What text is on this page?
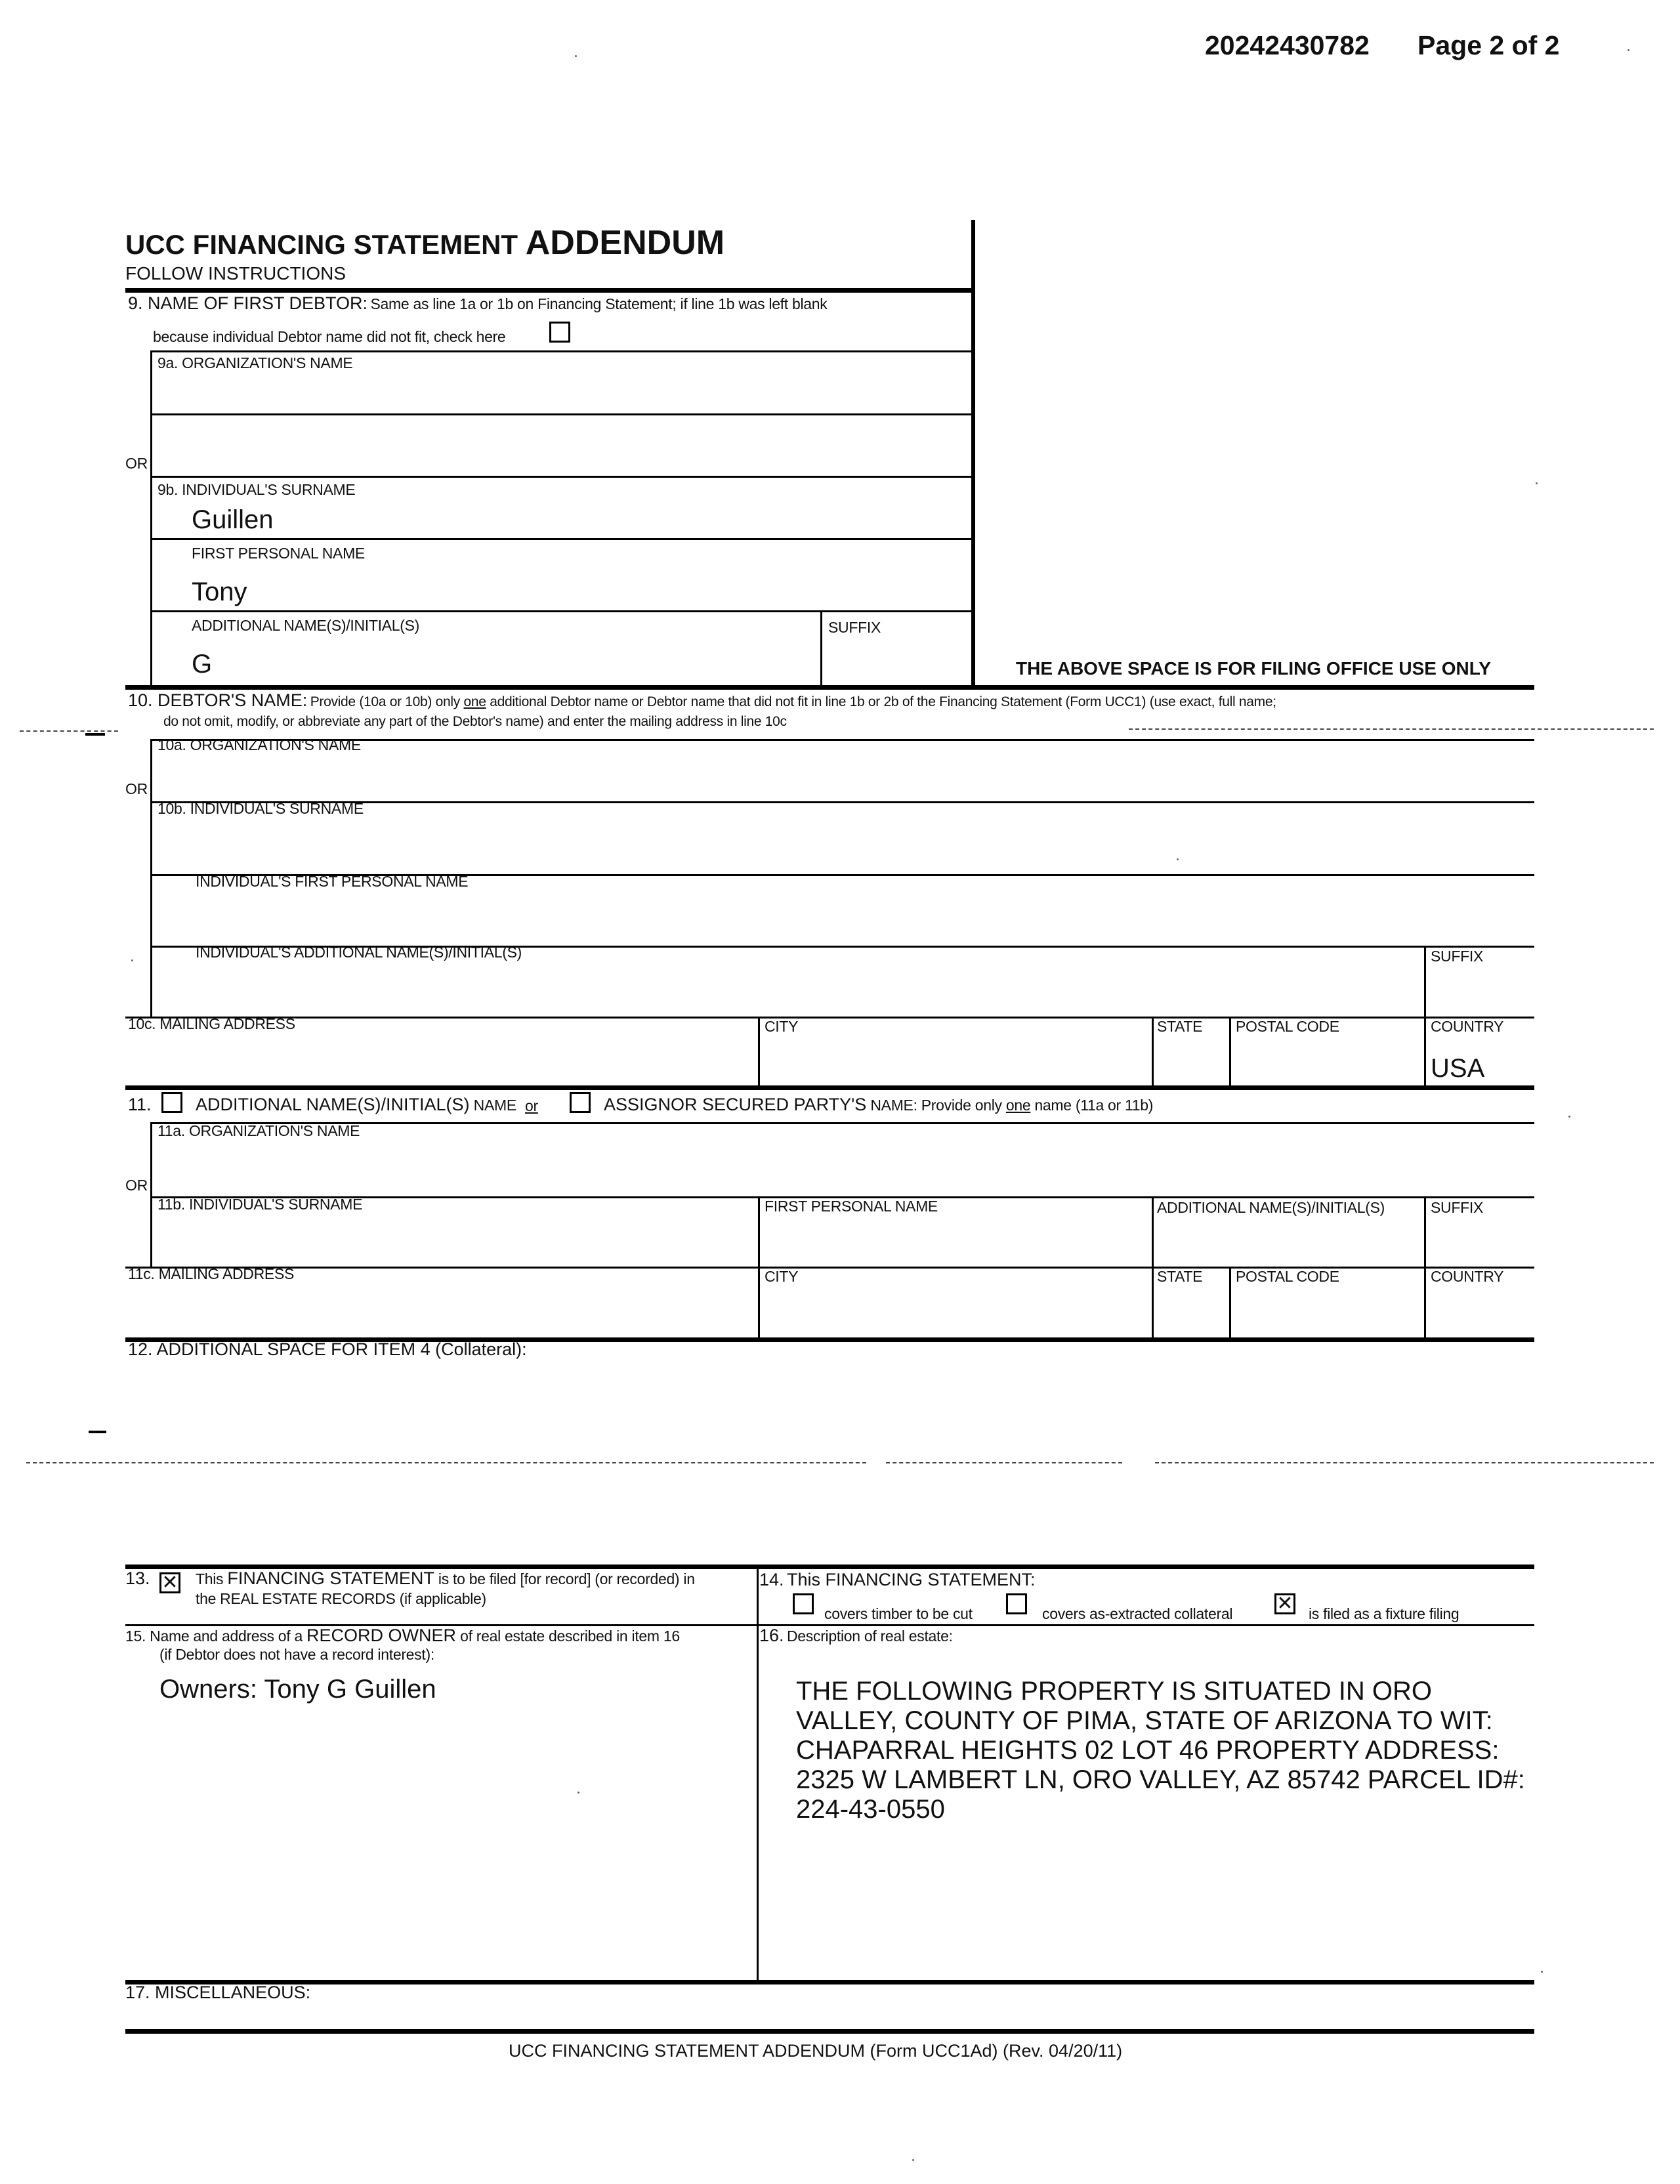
20242430782 Page 2 of 2
UCC FINANCING STATEMENT ADDENDUM
FOLLOW INSTRUCTIONS
9. NAME OF FIRST DEBTOR: Same as line 1a or 1b on Financing Statement; if line 1b was left blank
because individual Debtor name did not fit, check here
9a. ORGANIZATION'S NAME
OR
9b. INDIVIDUAL'S SURNAME
Guillen
FIRST PERSONAL NAME
Tony
ADDITIONAL NAME(S)/INITIAL(S)
G
SUFFIX
THE ABOVE SPACE IS FOR FILING OFFICE USE ONLY
10. DEBTOR'S NAME: Provide (10a or 10b) only one additional Debtor name or Debtor name that did not fit in line 1b or 2b of the Financing Statement (Form UCC1) (use exact, full name;
do not omit, modify, or abbreviate any part of the Debtor's name) and enter the mailing address in line 10c
10a. ORGANIZATION'S NAME
OR
10b. INDIVIDUAL'S SURNAME
INDIVIDUAL'S FIRST PERSONAL NAME
INDIVIDUAL'S ADDITIONAL NAME(S)/INITIAL(S)	SUFFIX
10c. MAILING ADDRESS	CITY	STATE POSTAL CODE	COUNTRY
USA
11. ADDITIONAL NAME(S)/INITIAL(S) NAME or	ASSIGNOR SECURED PARTY'S NAME: Provide only one name (11a or 11b)
11a. ORGANIZATION'S NAME
OR
11b. INDIVIDUAL'S SURNAME	FIRST PERSONAL NAME	ADDITIONAL NAME(S)/INITIAL(S)	SUFFIX
11c. MAILING ADDRESS	CITY	STATE POSTAL CODE	COUNTRY
12. ADDITIONAL SPACE FOR ITEM 4 (Collateral):
13. ✕ This FINANCING STATEMENT is to be filed [for record] (or recorded) in
the REAL ESTATE RECORDS (if applicable)
14. This FINANCING STATEMENT:
covers timber to be cut	covers as-extracted collateral ✕ is filed as a fixture filing
15. Name and address of a RECORD OWNER of real estate described in item 16
(if Debtor does not have a record interest):
Owners: Tony G Guillen
16. Description of real estate:
THE FOLLOWING PROPERTY IS SITUATED IN ORO VALLEY, COUNTY OF PIMA, STATE OF ARIZONA TO WIT: CHAPARRAL HEIGHTS 02 LOT 46 PROPERTY ADDRESS: 2325 W LAMBERT LN, ORO VALLEY, AZ 85742 PARCEL ID#: 224-43-0550
17. MISCELLANEOUS:
UCC FINANCING STATEMENT ADDENDUM (Form UCC1Ad) (Rev. 04/20/11)
